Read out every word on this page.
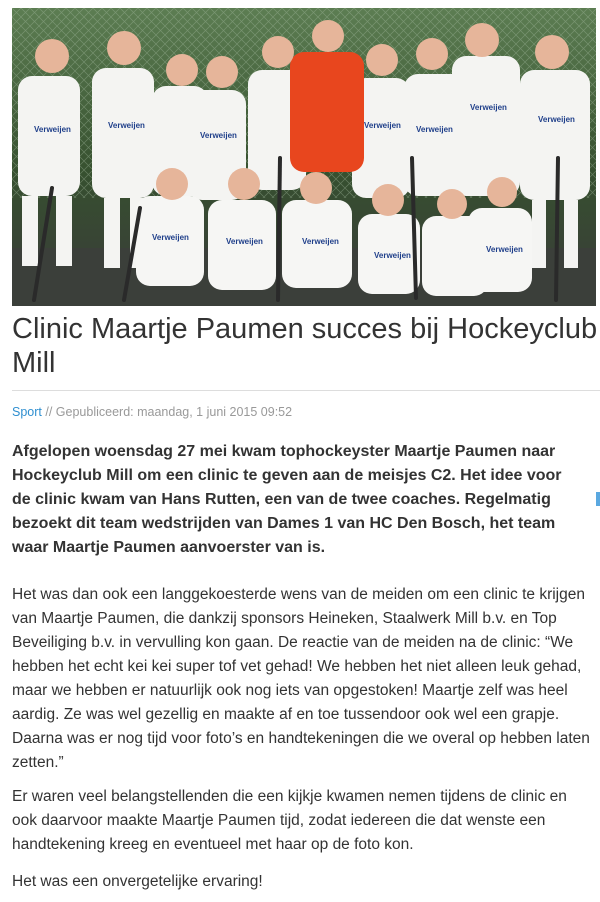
Verweijen	Verweijen
Verweijen
Verweijen Verweijen
Verweijen
Verweijen
Verweijen	Verweijen	Verweijen
Verweijen
Verweijen
Clinic Maartje Paumen succes bij Hockeyclub
Mill
Sport // Gepubliceerd: maandag, 1 juni 2015 09:52

Afgelopen woensdag 27 mei kwam tophockeyster Maartje Paumen naar
Hockeyclub Mill om een clinic te geven aan de meisjes C2. Het idee voor
de clinic kwam van Hans Rutten, een van de twee coaches. Regelmatig
bezoekt dit team wedstrijden van Dames 1 van HC Den Bosch, het team
waar Maartje Paumen aanvoerster van is.

Het was dan ook een langgekoesterde wens van de meiden om een clinic te krijgen
van Maartje Paumen, die dankzij sponsors Heineken, Staalwerk Mill b.v. en Top
Beveiliging b.v. in vervulling kon gaan. De reactie van de meiden na de clinic: “We
hebben het echt kei kei super tof vet gehad! We hebben het niet alleen leuk gehad,
maar we hebben er natuurlijk ook nog iets van opgestoken! Maartje zelf was heel
aardig. Ze was wel gezellig en maakte af en toe tussendoor ook wel een grapje.
Daarna was er nog tijd voor foto’s en handtekeningen die we overal op hebben laten
zetten.”

Er waren veel belangstellenden die een kijkje kwamen nemen tijdens de clinic en
ook daarvoor maakte Maartje Paumen tijd, zodat iedereen die dat wenste een
handtekening kreeg en eventueel met haar op de foto kon.

Het was een onvergetelijke ervaring!
